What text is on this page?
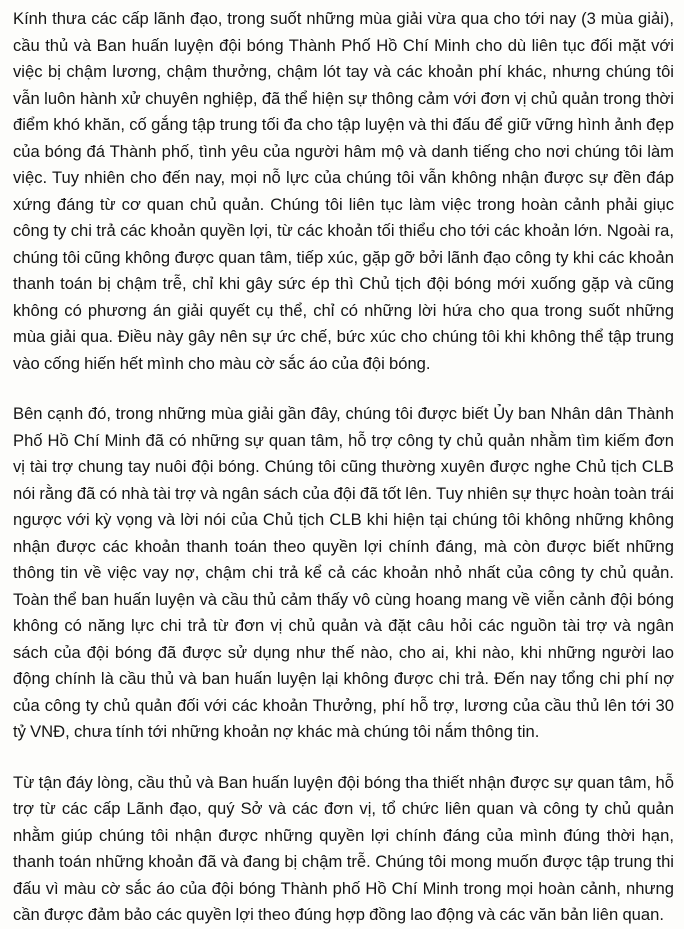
Kính thưa các cấp lãnh đạo, trong suốt những mùa giải vừa qua cho tới nay (3 mùa giải), cầu thủ và Ban huấn luyện đội bóng Thành Phố Hồ Chí Minh cho dù liên tục đối mặt với việc bị chậm lương, chậm thưởng, chậm lót tay và các khoản phí khác, nhưng chúng tôi vẫn luôn hành xử chuyên nghiệp, đã thể hiện sự thông cảm với đơn vị chủ quản trong thời điểm khó khăn, cố gắng tập trung tối đa cho tập luyện và thi đấu để giữ vững hình ảnh đẹp của bóng đá Thành phố, tình yêu của người hâm mộ và danh tiếng cho nơi chúng tôi làm việc. Tuy nhiên cho đến nay, mọi nỗ lực của chúng tôi vẫn không nhận được sự đền đáp xứng đáng từ cơ quan chủ quản. Chúng tôi liên tục làm việc trong hoàn cảnh phải giục công ty chi trả các khoản quyền lợi, từ các khoản tối thiểu cho tới các khoản lớn. Ngoài ra, chúng tôi cũng không được quan tâm, tiếp xúc, gặp gỡ bởi lãnh đạo công ty khi các khoản thanh toán bị chậm trễ, chỉ khi gây sức ép thì Chủ tịch đội bóng mới xuống gặp và cũng không có phương án giải quyết cụ thể, chỉ có những lời hứa cho qua trong suốt những mùa giải qua. Điều này gây nên sự ức chế, bức xúc cho chúng tôi khi không thể tập trung vào cống hiến hết mình cho màu cờ sắc áo của đội bóng.

Bên cạnh đó, trong những mùa giải gần đây, chúng tôi được biết Ủy ban Nhân dân Thành Phố Hồ Chí Minh đã có những sự quan tâm, hỗ trợ công ty chủ quản nhằm tìm kiếm đơn vị tài trợ chung tay nuôi đội bóng. Chúng tôi cũng thường xuyên được nghe Chủ tịch CLB nói rằng đã có nhà tài trợ và ngân sách của đội đã tốt lên. Tuy nhiên sự thực hoàn toàn trái ngược với kỳ vọng và lời nói của Chủ tịch CLB khi hiện tại chúng tôi không những không nhận được các khoản thanh toán theo quyền lợi chính đáng, mà còn được biết những thông tin về việc vay nợ, chậm chi trả kể cả các khoản nhỏ nhất của công ty chủ quản. Toàn thể ban huấn luyện và cầu thủ cảm thấy vô cùng hoang mang về viễn cảnh đội bóng không có năng lực chi trả từ đơn vị chủ quản và đặt câu hỏi các nguồn tài trợ và ngân sách của đội bóng đã được sử dụng như thế nào, cho ai, khi nào, khi những người lao động chính là cầu thủ và ban huấn luyện lại không được chi trả. Đến nay tổng chi phí nợ của công ty chủ quản đối với các khoản Thưởng, phí hỗ trợ, lương của cầu thủ lên tới 30 tỷ VNĐ, chưa tính tới những khoản nợ khác mà chúng tôi nắm thông tin.

Từ tận đáy lòng, cầu thủ và Ban huấn luyện đội bóng tha thiết nhận được sự quan tâm, hỗ trợ từ các cấp Lãnh đạo, quý Sở và các đơn vị, tổ chức liên quan và công ty chủ quản nhằm giúp chúng tôi nhận được những quyền lợi chính đáng của mình đúng thời hạn, thanh toán những khoản đã và đang bị chậm trễ. Chúng tôi mong muốn được tập trung thi đấu vì màu cờ sắc áo của đội bóng Thành phố Hồ Chí Minh trong mọi hoàn cảnh, nhưng cần được đảm bảo các quyền lợi theo đúng hợp đồng lao động và các văn bản liên quan.
